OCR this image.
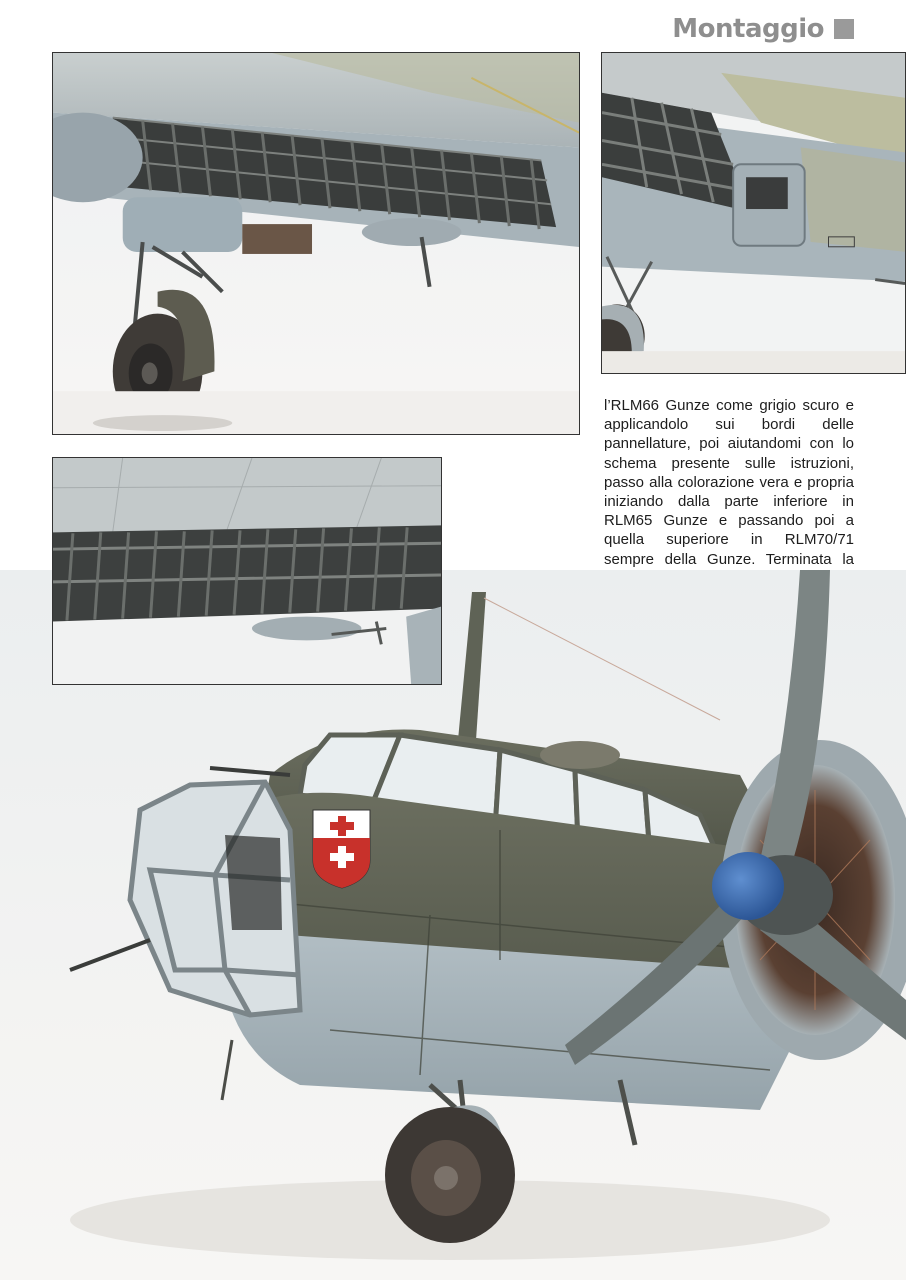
Montaggio

l’RLM66 Gunze come grigio scuro e applicandolo sui bordi delle pannellature, poi aiutandomi con lo schema presente sulle istruzioni, passo alla colorazione vera e propria iniziando dalla parte inferiore in RLM65 Gunze e passando poi a quella superiore in RLM70/71 sempre della Gunze. Terminata la
